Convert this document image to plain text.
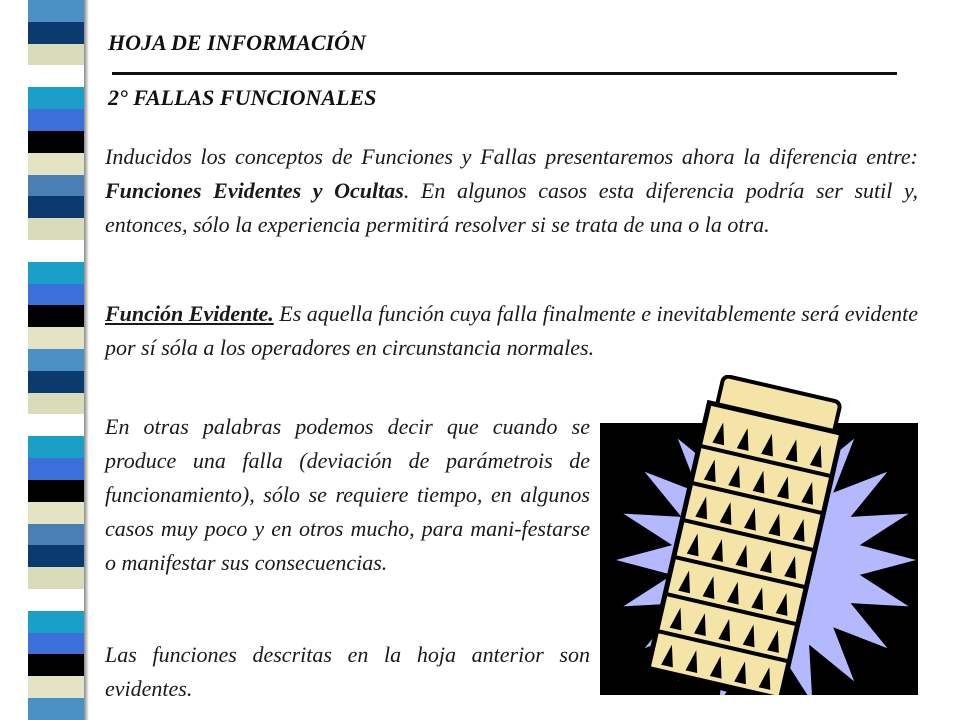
HOJA DE INFORMACIÓN
2° FALLAS FUNCIONALES

Inducidos los conceptos de Funciones y Fallas presentaremos ahora la diferencia entre: Funciones Evidentes y Ocultas. En algunos casos esta diferencia podría ser sutil y, entonces, sólo la experiencia permitirá resolver si se trata de una o la otra.

Función Evidente. Es aquella función cuya falla finalmente e inevitablemente será evidente por sí sóla a los operadores en circunstancia normales.

En otras palabras podemos decir que cuando se produce una falla (deviación de parámetrois de funcionamiento), sólo se requiere tiempo, en algunos casos muy poco y en otros mucho, para mani-festarse o manifestar sus consecuencias.

Las funciones descritas en la hoja anterior son evidentes.
